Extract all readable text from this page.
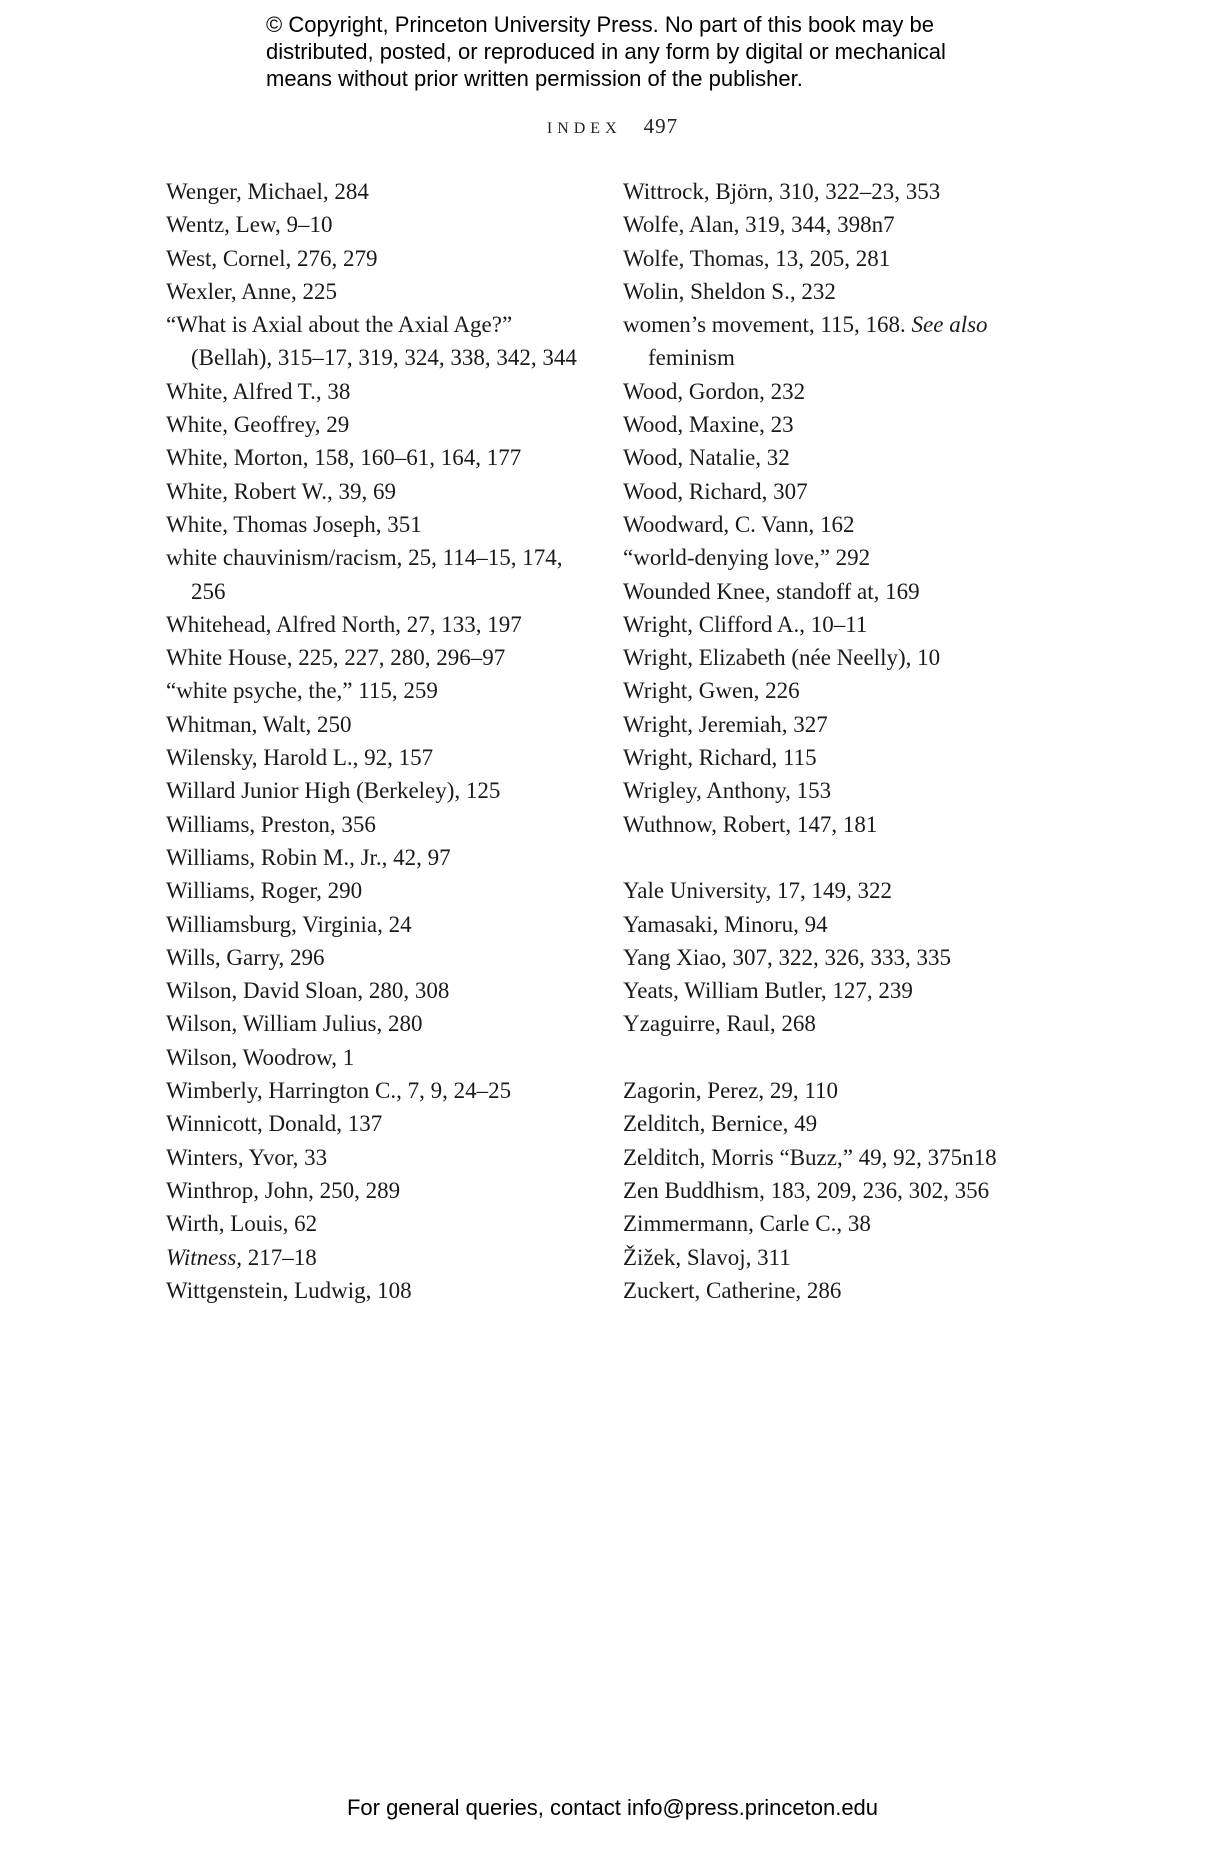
© Copyright, Princeton University Press. No part of this book may be
distributed, posted, or reproduced in any form by digital or mechanical
means without prior written permission of the publisher.
INDEX 497
Wenger, Michael, 284
Wentz, Lew, 9–10
West, Cornel, 276, 279
Wexler, Anne, 225
“What is Axial about the Axial Age?” (Bellah), 315–17, 319, 324, 338, 342, 344
White, Alfred T., 38
White, Geoffrey, 29
White, Morton, 158, 160–61, 164, 177
White, Robert W., 39, 69
White, Thomas Joseph, 351
white chauvinism/racism, 25, 114–15, 174, 256
Whitehead, Alfred North, 27, 133, 197
White House, 225, 227, 280, 296–97
“white psyche, the,” 115, 259
Whitman, Walt, 250
Wilensky, Harold L., 92, 157
Willard Junior High (Berkeley), 125
Williams, Preston, 356
Williams, Robin M., Jr., 42, 97
Williams, Roger, 290
Williamsburg, Virginia, 24
Wills, Garry, 296
Wilson, David Sloan, 280, 308
Wilson, William Julius, 280
Wilson, Woodrow, 1
Wimberly, Harrington C., 7, 9, 24–25
Winnicott, Donald, 137
Winters, Yvor, 33
Winthrop, John, 250, 289
Wirth, Louis, 62
Witness, 217–18
Wittgenstein, Ludwig, 108
Wittrock, Björn, 310, 322–23, 353
Wolfe, Alan, 319, 344, 398n7
Wolfe, Thomas, 13, 205, 281
Wolin, Sheldon S., 232
women’s movement, 115, 168. See also feminism
Wood, Gordon, 232
Wood, Maxine, 23
Wood, Natalie, 32
Wood, Richard, 307
Woodward, C. Vann, 162
“world-denying love,” 292
Wounded Knee, standoff at, 169
Wright, Clifford A., 10–11
Wright, Elizabeth (née Neelly), 10
Wright, Gwen, 226
Wright, Jeremiah, 327
Wright, Richard, 115
Wrigley, Anthony, 153
Wuthnow, Robert, 147, 181
Yale University, 17, 149, 322
Yamasaki, Minoru, 94
Yang Xiao, 307, 322, 326, 333, 335
Yeats, William Butler, 127, 239
Yzaguirre, Raul, 268
Zagorin, Perez, 29, 110
Zelditch, Bernice, 49
Zelditch, Morris “Buzz,” 49, 92, 375n18
Zen Buddhism, 183, 209, 236, 302, 356
Zimmermann, Carle C., 38
Žižek, Slavoj, 311
Zuckert, Catherine, 286
For general queries, contact info@press.princeton.edu
